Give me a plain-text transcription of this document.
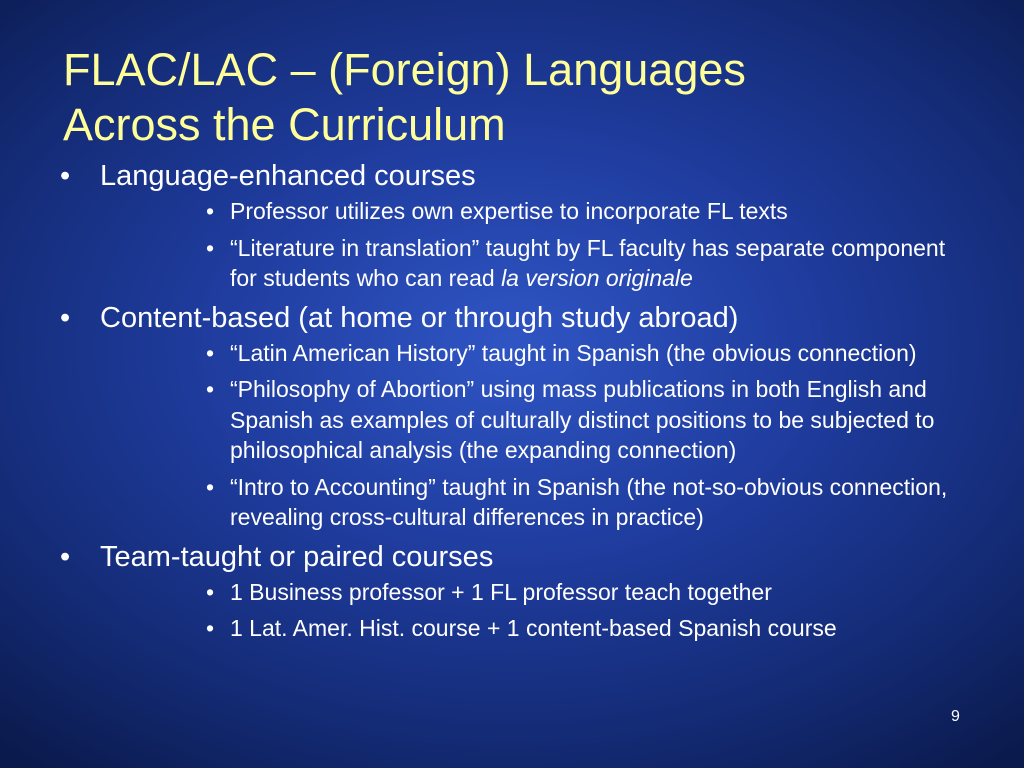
FLAC/LAC – (Foreign) Languages
Across the Curriculum
•	Language-enhanced courses
• Professor utilizes own expertise to incorporate FL texts
• “Literature in translation” taught by FL faculty has separate component for students who can read la version originale
•	Content-based (at home or through study abroad)
• “Latin American History” taught in Spanish (the obvious connection)
• “Philosophy of Abortion” using mass publications in both English and Spanish as examples of culturally distinct positions to be subjected to philosophical analysis (the expanding connection)
• “Intro to Accounting” taught in Spanish (the not-so-obvious connection, revealing cross-cultural differences in practice)
•	Team-taught or paired courses
• 1 Business professor + 1 FL professor teach together
• 1 Lat. Amer. Hist. course + 1 content-based Spanish course
9
